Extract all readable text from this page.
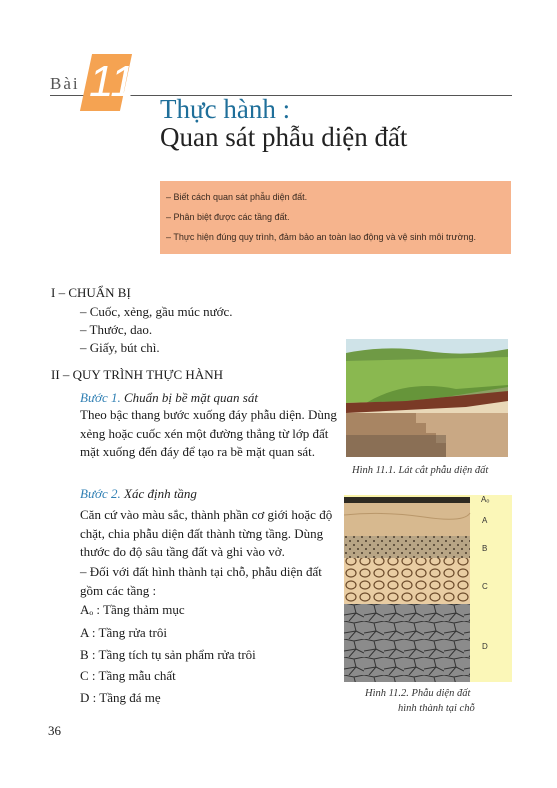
Bài 11
Thực hành :
Quan sát phẫu diện đất
– Biết cách quan sát phẫu diện đất.
– Phân biệt được các tầng đất.
– Thực hiện đúng quy trình, đảm bảo an toàn lao động và vệ sinh môi trường.
I – CHUẨN BỊ
– Cuốc, xẻng, gầu múc nước.
– Thước, dao.
– Giấy, bút chì.
II – QUY TRÌNH THỰC HÀNH
Bước 1. Chuẩn bị bề mặt quan sát
Theo bậc thang bước xuống đáy phẫu diện. Dùng xẻng hoặc cuốc xén một đường thẳng từ lớp đất mặt xuống đến đáy để tạo ra bề mặt quan sát.
Bước 2. Xác định tầng
Căn cứ vào màu sắc, thành phần cơ giới hoặc độ chặt, chia phẫu diện đất thành từng tầng. Dùng thước đo độ sâu tầng đất và ghi vào vở.
– Đối với đất hình thành tại chỗ, phẫu diện đất gồm các tầng :
Aₒ : Tầng thảm mục
A : Tầng rửa trôi
B : Tầng tích tụ sản phẩm rửa trôi
C : Tầng mẫu chất
D : Tầng đá mẹ
Hình 11.1. Lát cắt phẫu diện đất
Aₒ
A
B
C
D
Hình 11.2. Phẫu diện đất
hình thành tại chỗ
36
